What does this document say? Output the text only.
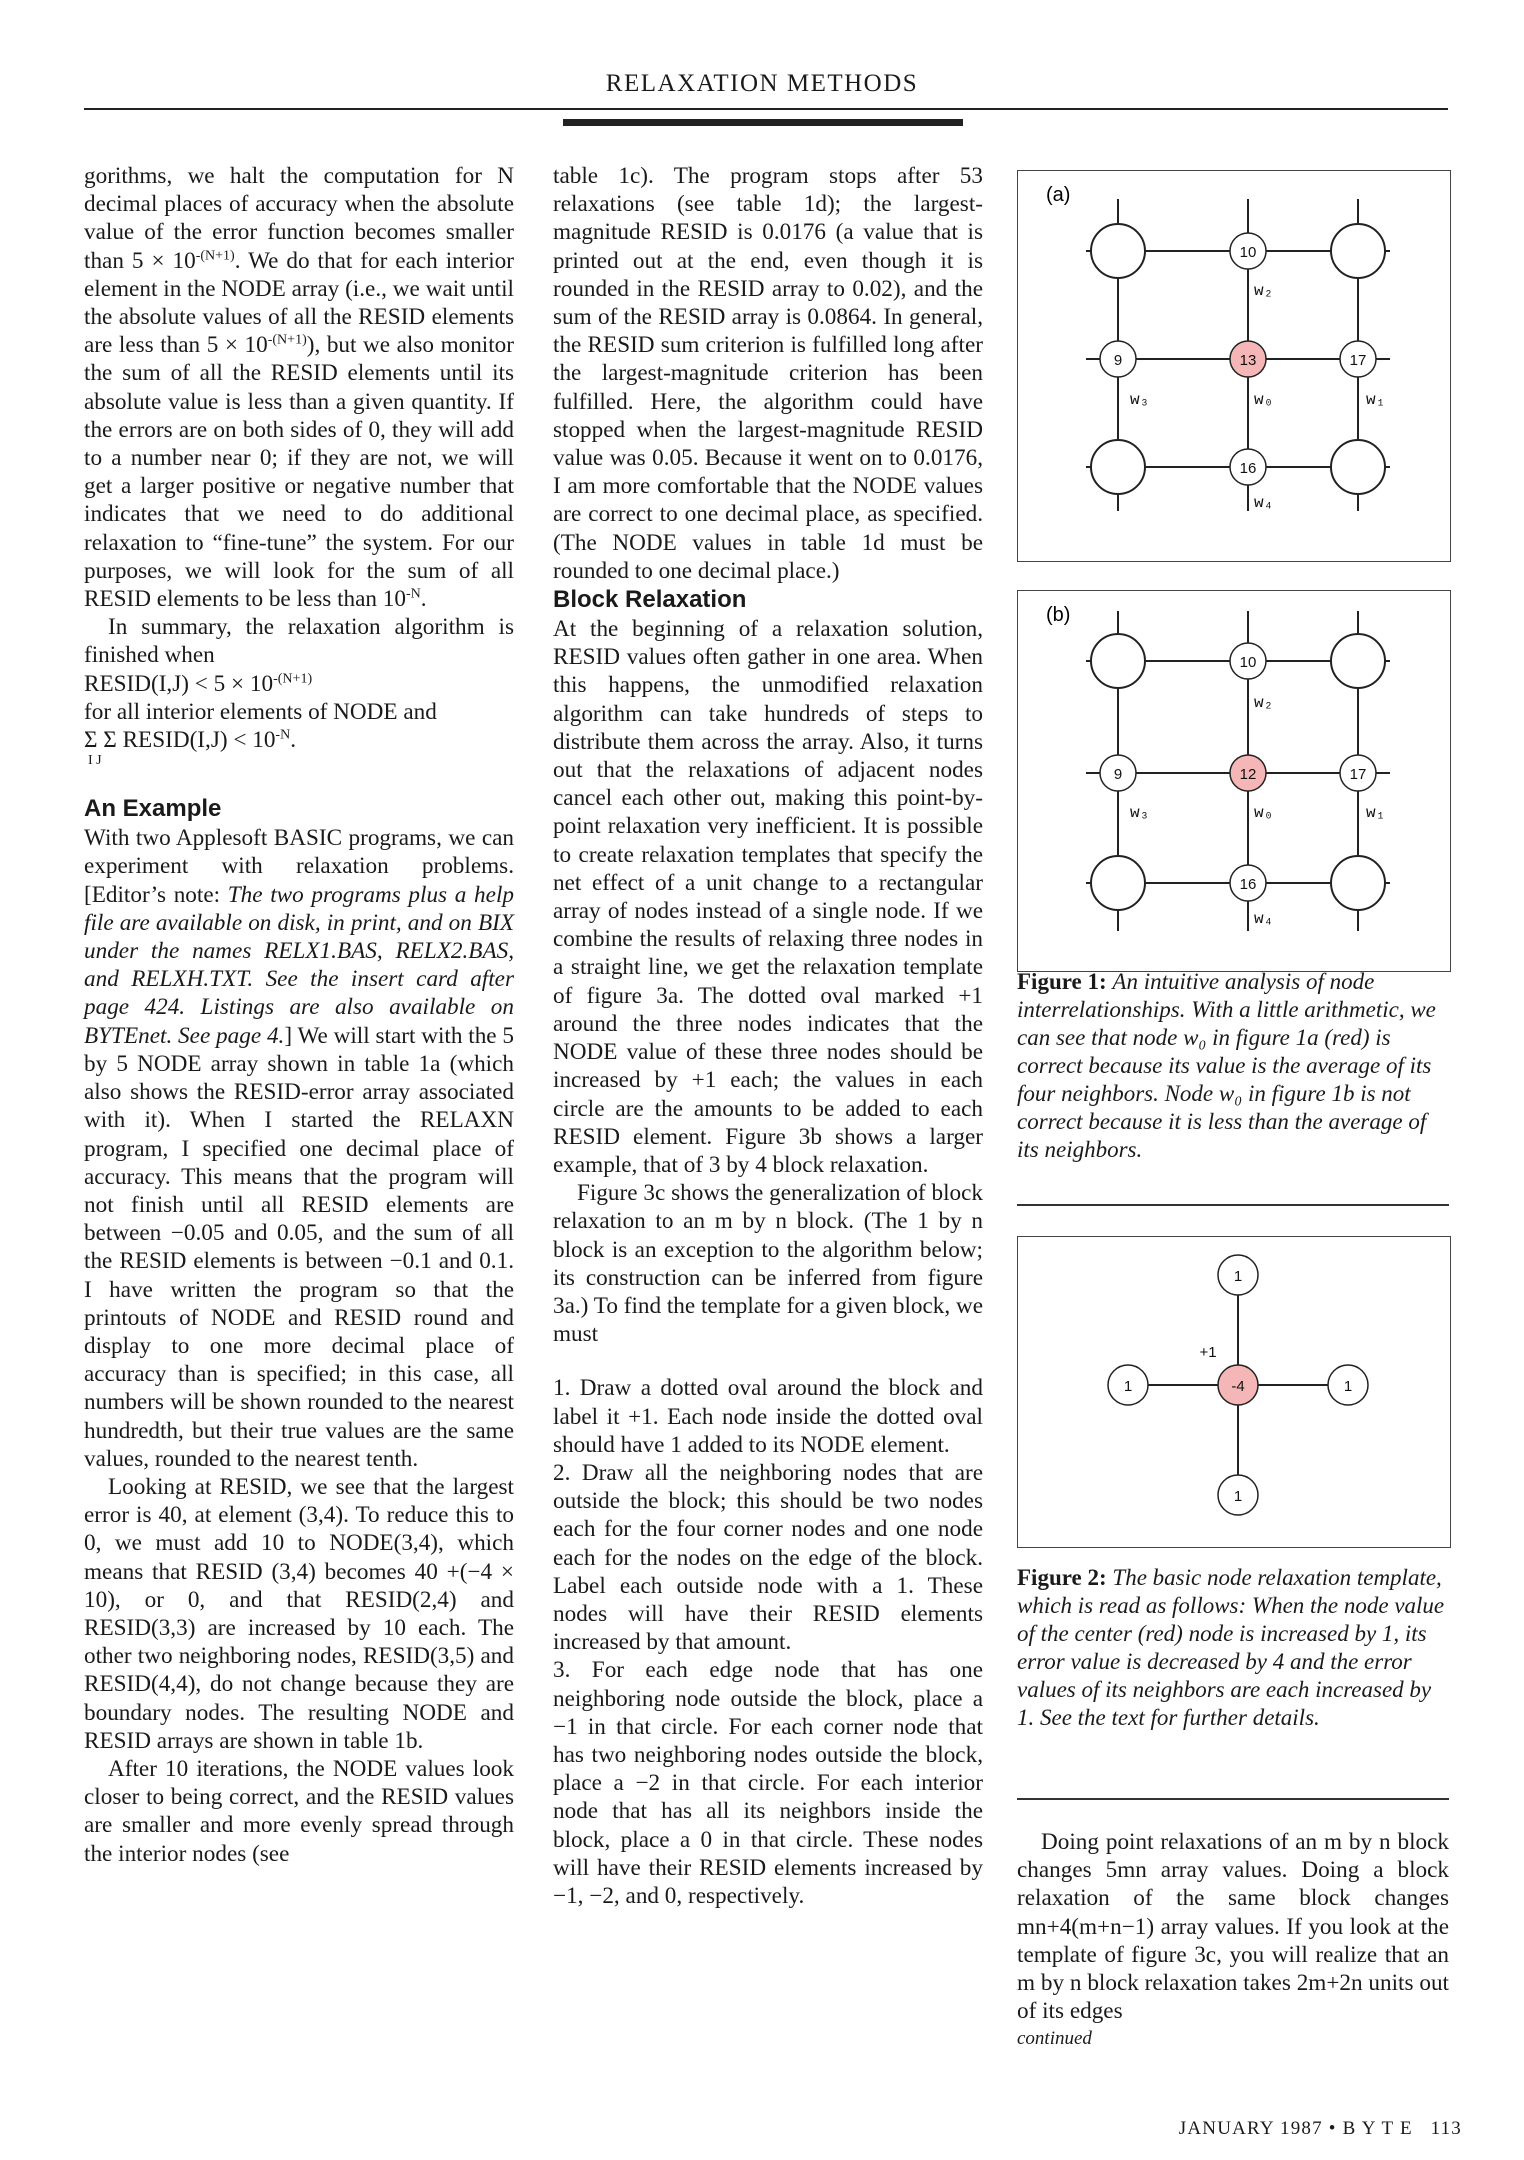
RELAXATION METHODS

gorithms, we halt the computation for N decimal places of accuracy when the absolute value of the error function becomes smaller than $5 \times 10^{-(N+1)}$. We do that for each interior element in the NODE array (i.e., we wait until the absolute values of all the RESID elements are less than $5 \times 10^{-(N+1)}$), but we also monitor the sum of all the RESID elements until its absolute value is less than a given quantity. If the errors are on both sides of 0, they will add to a number near 0; if they are not, we will get a larger positive or negative number that indicates that we need to do additional relaxation to “fine-tune” the system. For our purposes, we will look for the sum of all RESID elements to be less than $10^{-N}$.

In summary, the relaxation algorithm is finished when

RESID(I,J) < $5 \times 10^{-(N+1)}$

for all interior elements of NODE and

Σ Σ RESID(I,J) < $10^{-N}$.

I J

An Example

With two Applesoft BASIC programs, we can experiment with relaxation problems. [Editor’s note: The two programs plus a help file are available on disk, in print, and on BIX under the names RELX1.BAS, RELX2.BAS, and RELXH.TXT. See the insert card after page 424. Listings are also available on BYTEnet. See page 4.] We will start with the 5 by 5 NODE array shown in table 1a (which also shows the RESID-error array associated with it). When I started the RELAXN program, I specified one decimal place of accuracy. This means that the program will not finish until all RESID elements are between −0.05 and 0.05, and the sum of all the RESID elements is between −0.1 and 0.1. I have written the program so that the printouts of NODE and RESID round and display to one more decimal place of accuracy than is specified; in this case, all numbers will be shown rounded to the nearest hundredth, but their true values are the same values, rounded to the nearest tenth.

Looking at RESID, we see that the largest error is 40, at element (3,4). To reduce this to 0, we must add 10 to NODE(3,4), which means that RESID (3,4) becomes 40 +(−4 × 10), or 0, and that RESID(2,4) and RESID(3,3) are increased by 10 each. The other two neighboring nodes, RESID(3,5) and RESID(4,4), do not change because they are boundary nodes. The resulting NODE and RESID arrays are shown in table 1b.

After 10 iterations, the NODE values look closer to being correct, and the RESID values are smaller and more evenly spread through the interior nodes (see

table 1c). The program stops after 53 relaxations (see table 1d); the largest-magnitude RESID is 0.0176 (a value that is printed out at the end, even though it is rounded in the RESID array to 0.02), and the sum of the RESID array is 0.0864. In general, the RESID sum criterion is fulfilled long after the largest-magnitude criterion has been fulfilled. Here, the algorithm could have stopped when the largest-magnitude RESID value was 0.05. Because it went on to 0.0176, I am more comfortable that the NODE values are correct to one decimal place, as specified. (The NODE values in table 1d must be rounded to one decimal place.)

Block Relaxation

At the beginning of a relaxation solution, RESID values often gather in one area. When this happens, the unmodified relaxation algorithm can take hundreds of steps to distribute them across the array. Also, it turns out that the relaxations of adjacent nodes cancel each other out, making this point-by-point relaxation very inefficient. It is possible to create relaxation templates that specify the net effect of a unit change to a rectangular array of nodes instead of a single node. If we combine the results of relaxing three nodes in a straight line, we get the relaxation template of figure 3a. The dotted oval marked +1 around the three nodes indicates that the NODE value of these three nodes should be increased by +1 each; the values in each circle are the amounts to be added to each RESID element. Figure 3b shows a larger example, that of 3 by 4 block relaxation.

Figure 3c shows the generalization of block relaxation to an m by n block. (The 1 by n block is an exception to the algorithm below; its construction can be inferred from figure 3a.) To find the template for a given block, we must

1. Draw a dotted oval around the block and label it +1. Each node inside the dotted oval should have 1 added to its NODE element.

2. Draw all the neighboring nodes that are outside the block; this should be two nodes each for the four corner nodes and one node each for the nodes on the edge of the block. Label each outside node with a 1. These nodes will have their RESID elements increased by that amount.

3. For each edge node that has one neighboring node outside the block, place a −1 in that circle. For each corner node that has two neighboring nodes outside the block, place a −2 in that circle. For each interior node that has all its neighbors inside the block, place a 0 in that circle. These nodes will have their RESID elements increased by −1, −2, and 0, respectively.

(a)
10
9	13	17
16
w₂
w₃	w₀	w₁
w₄
(b)
10
9	12	17
16
w₂
w₃	w₀	w₁
w₄
Figure 1: An intuitive analysis of node interrelationships. With a little arithmetic, we can see that node w₀ in figure 1a (red) is correct because its value is the average of its four neighbors. Node w₀ in figure 1b is not correct because it is less than the average of its neighbors.
1
1	-4	1
1
+1
Figure 2: The basic node relaxation template, which is read as follows: When the node value of the center (red) node is increased by 1, its error value is decreased by 4 and the error values of its neighbors are each increased by 1. See the text for further details.

Doing point relaxations of an m by n block changes 5mn array values. Doing a block relaxation of the same block changes mn+4(m+n−1) array values. If you look at the template of figure 3c, you will realize that an m by n block relaxation takes 2m+2n units out of its edges

continued

JANUARY 1987 • B Y T E   113
